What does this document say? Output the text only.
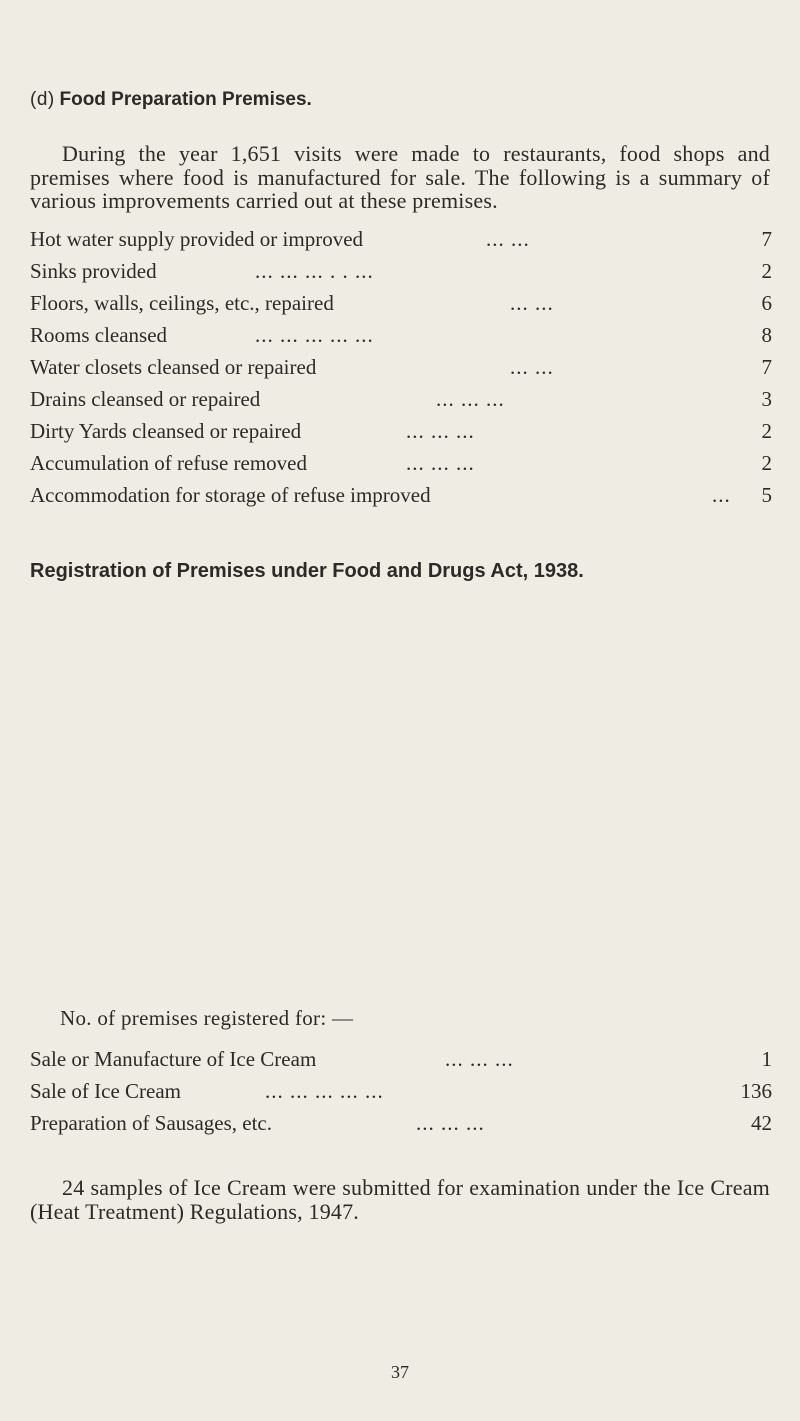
(d) Food Preparation Premises.

During the year 1,651 visits were made to restaurants, food shops and premises where food is manufactured for sale. The following is a summary of various improvements carried out at these premises.

Hot water supply provided or improved	... ...	7
Sinks provided	... ... ... . . ...	2
Floors, walls, ceilings, etc., repaired	... ...	6
Rooms cleansed	... ... ... ... ...	8
Water closets cleansed or repaired	... ...	7
Drains cleansed or repaired	... ... ...	3
Dirty Yards cleansed or repaired	... ... ...	2
Accumulation of refuse removed	... ... ...	2
Accommodation for storage of refuse improved	... 5
Registration of Premises under Food and Drugs Act, 1938.
No. of premises registered for: —
Sale or Manufacture of Ice Cream	... ... ...	1
Sale of Ice Cream	... ... ... ... ...	136
Preparation of Sausages, etc.	... ... ...	42

24 samples of Ice Cream were submitted for examination under the Ice Cream (Heat Treatment) Regulations, 1947.

37
